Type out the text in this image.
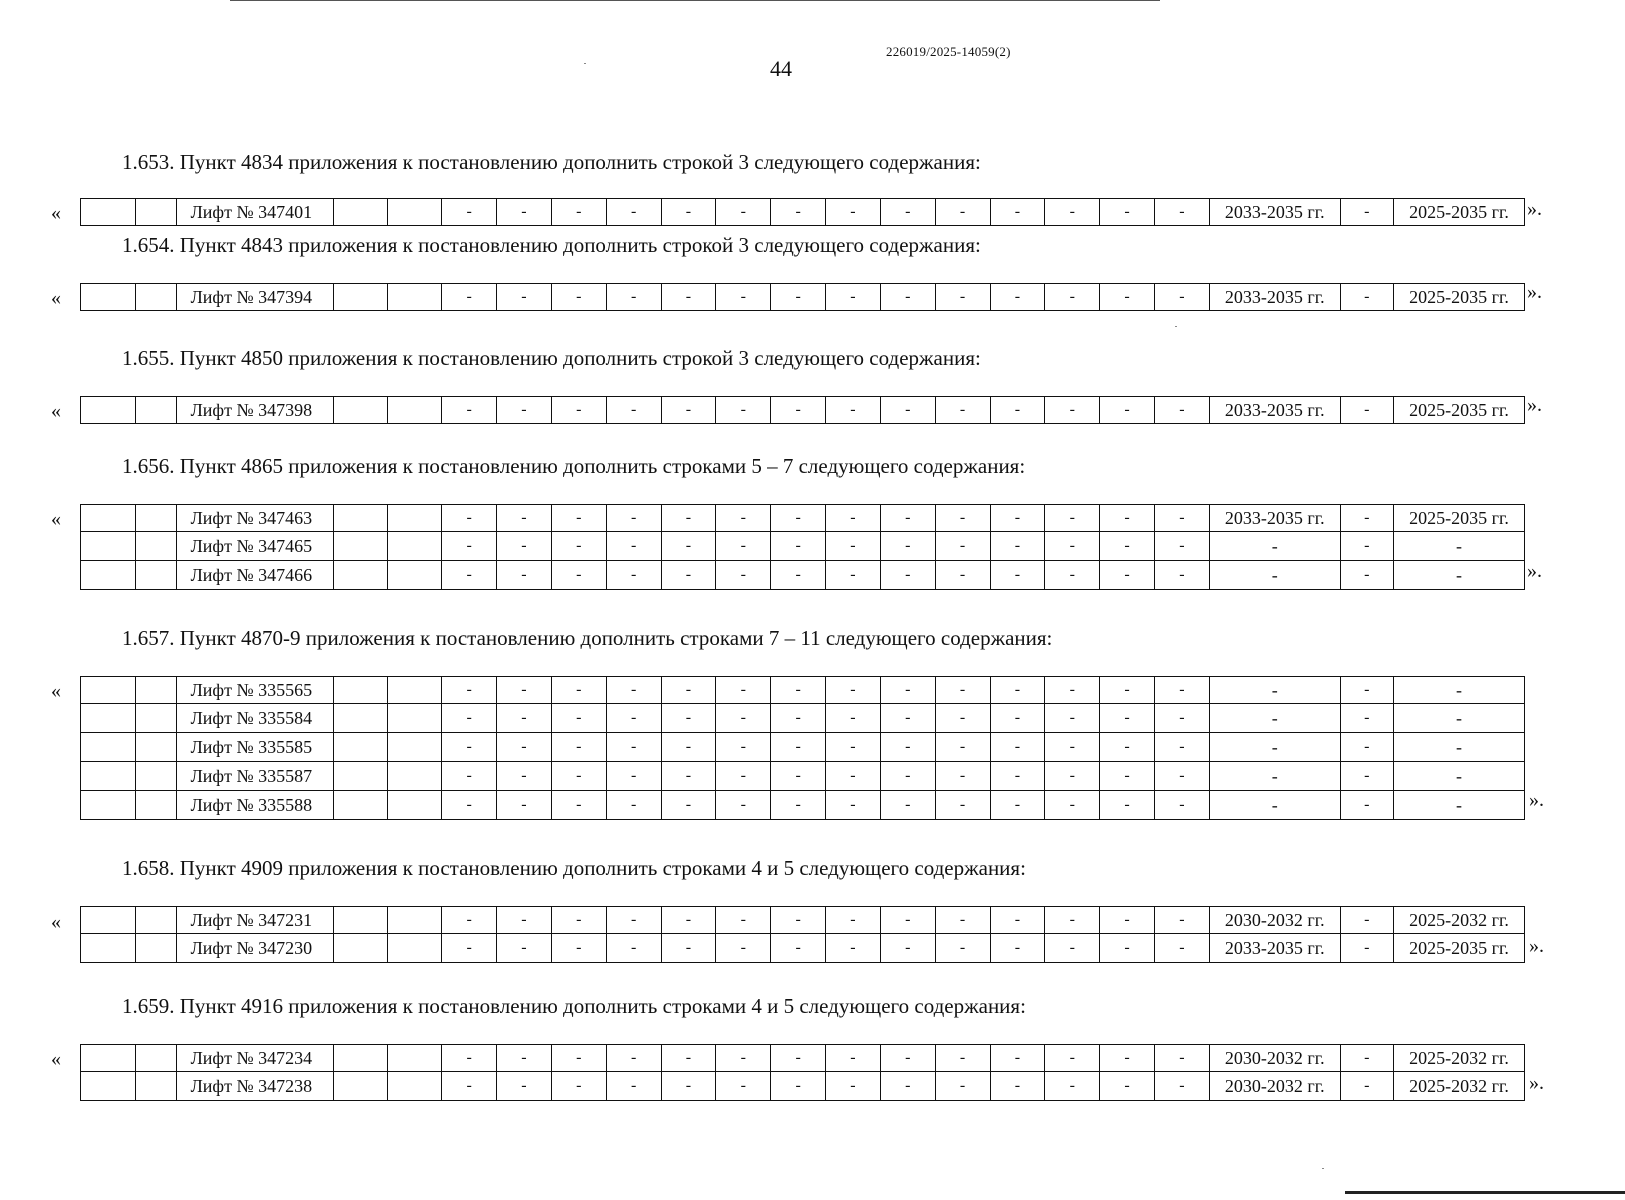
226019/2025-14059(2)
44
1.653. Пункт 4834 приложения к постановлению дополнить строкой 3 следующего содержания:
«
			Лифт № 347401			-	-	-	-	-	-	-	-	-	-	-	-	-	-	2033-2035 гг.	-	2025-2035 гг. ».
1.654. Пункт 4843 приложения к постановлению дополнить строкой 3 следующего содержания:
«
			Лифт № 347394			-	-	-	-	-	-	-	-	-	-	-	-	-	-	2033-2035 гг.	-	2025-2035 гг. ».
1.655. Пункт 4850 приложения к постановлению дополнить строкой 3 следующего содержания:
«
			Лифт № 347398			-	-	-	-	-	-	-	-	-	-	-	-	-	-	2033-2035 гг.	-	2025-2035 гг. ».
1.656. Пункт 4865 приложения к постановлению дополнить строками 5 – 7 следующего содержания:
«
			Лифт № 347463			-	-	-	-	-	-	-	-	-	-	-	-	-	-	2033-2035 гг.	-	2025-2035 гг.
		Лифт № 347465			-	-	-	-	-	-	-	-	-	-	-	-	-	-	-	-	-
		Лифт № 347466			-	-	-	-	-	-	-	-	-	-	-	-	-	-	-	-	-	».
1.657. Пункт 4870-9 приложения к постановлению дополнить строками 7 – 11 следующего содержания:
«
			Лифт № 335565			-	-	-	-	-	-	-	-	-	-	-	-	-	-	-	-	-
		Лифт № 335584			-	-	-	-	-	-	-	-	-	-	-	-	-	-	-	-	-
		Лифт № 335585			-	-	-	-	-	-	-	-	-	-	-	-	-	-	-	-	-
		Лифт № 335587			-	-	-	-	-	-	-	-	-	-	-	-	-	-	-	-	-
		Лифт № 335588			-	-	-	-	-	-	-	-	-	-	-	-	-	-	-	-	-	».
1.658. Пункт 4909 приложения к постановлению дополнить строками 4 и 5 следующего содержания:
«
			Лифт № 347231			-	-	-	-	-	-	-	-	-	-	-	-	-	-	2030-2032 гг.	-	2025-2032 гг.
		Лифт № 347230			-	-	-	-	-	-	-	-	-	-	-	-	-	-	2033-2035 гг.	-	2025-2035 гг. ».
1.659. Пункт 4916 приложения к постановлению дополнить строками 4 и 5 следующего содержания:
«
			Лифт № 347234			-	-	-	-	-	-	-	-	-	-	-	-	-	-	2030-2032 гг.	-	2025-2032 гг.
		Лифт № 347238			-	-	-	-	-	-	-	-	-	-	-	-	-	-	2030-2032 гг.	-	2025-2032 гг. ».
